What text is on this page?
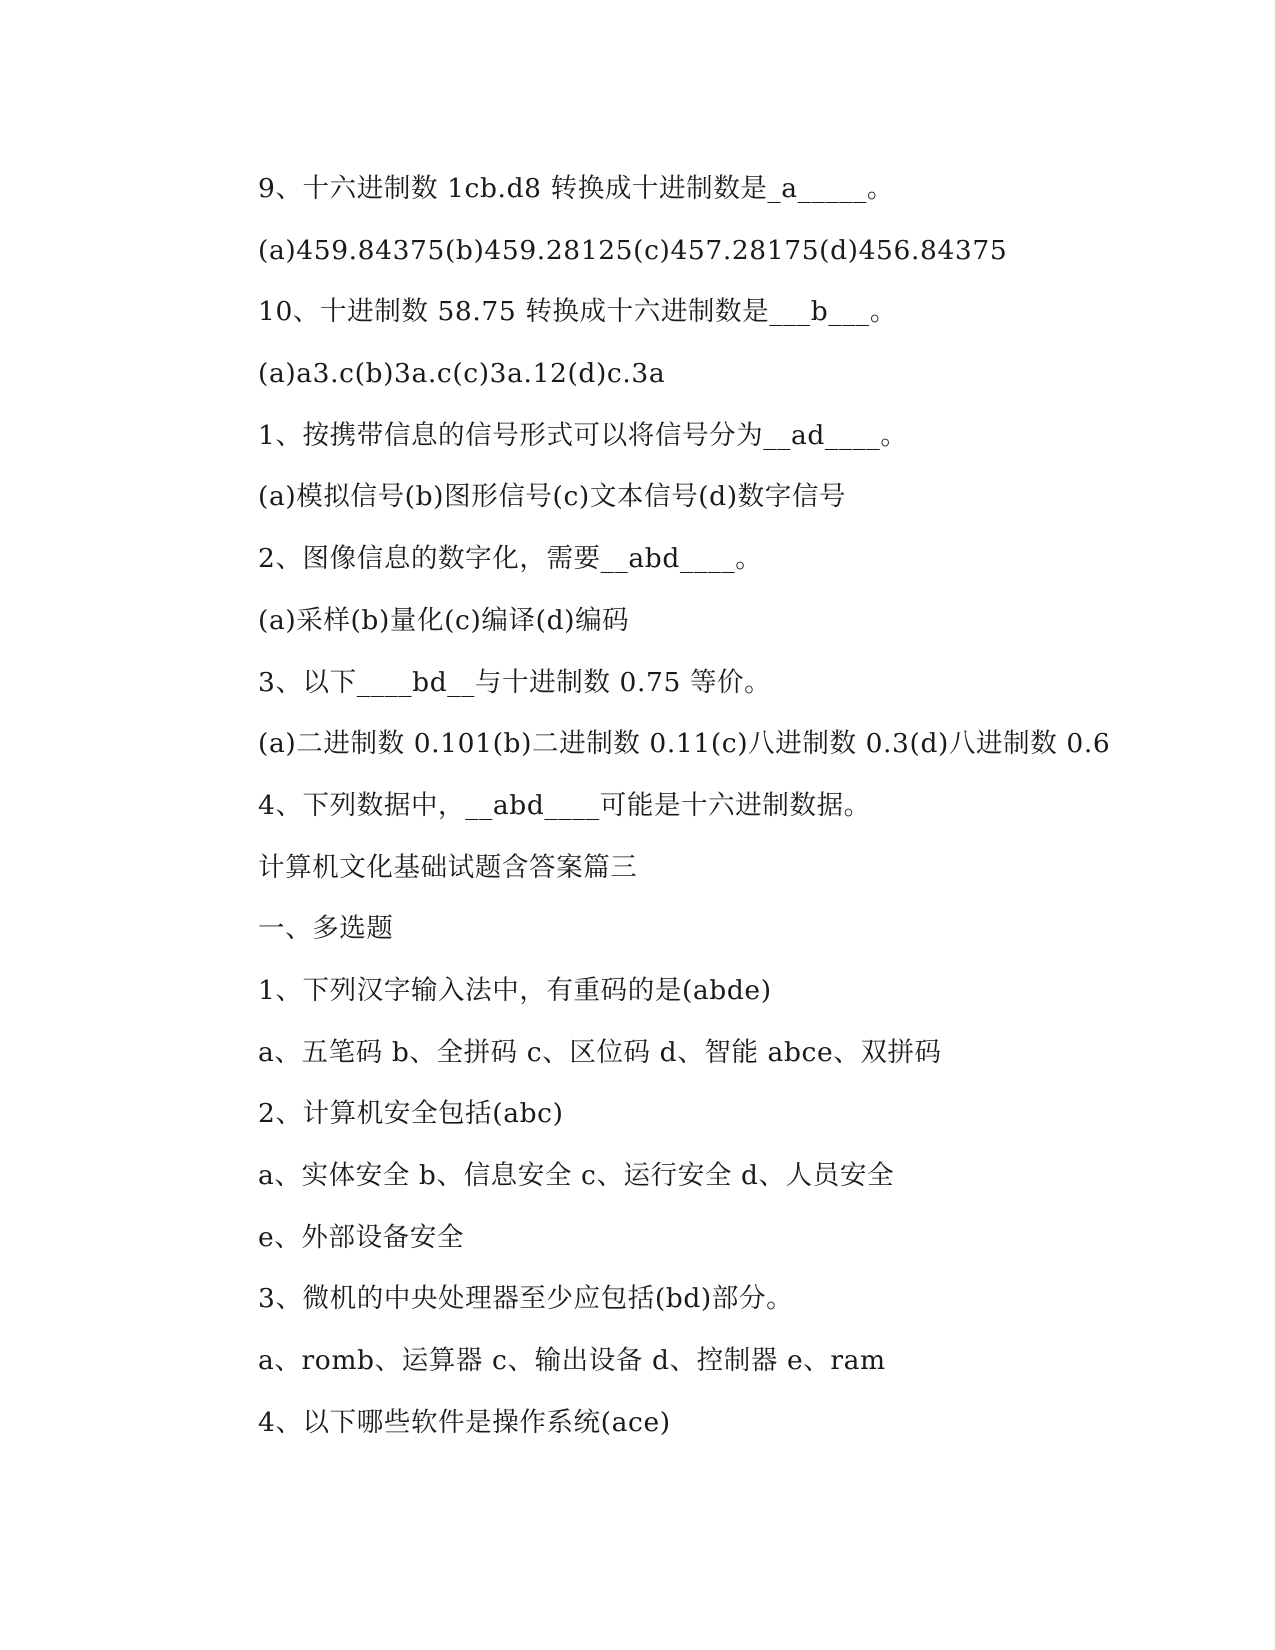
9、十六进制数 1cb.d8 转换成十进制数是_a_____。
(a)459.84375(b)459.28125(c)457.28175(d)456.84375
10、十进制数 58.75 转换成十六进制数是___b___。
(a)a3.c(b)3a.c(c)3a.12(d)c.3a
1、按携带信息的信号形式可以将信号分为__ad____。
(a)模拟信号(b)图形信号(c)文本信号(d)数字信号
2、图像信息的数字化，需要__abd____。
(a)采样(b)量化(c)编译(d)编码
3、以下____bd__与十进制数 0.75 等价。
(a)二进制数 0.101(b)二进制数 0.11(c)八进制数 0.3(d)八进制数 0.6
4、下列数据中，__abd____可能是十六进制数据。
计算机文化基础试题含答案篇三
一、多选题
1、下列汉字输入法中，有重码的是(abde)
a、五笔码 b、全拼码 c、区位码 d、智能 abce、双拼码
2、计算机安全包括(abc)
a、实体安全 b、信息安全 c、运行安全 d、人员安全
e、外部设备安全
3、微机的中央处理器至少应包括(bd)部分。
a、romb、运算器 c、输出设备 d、控制器 e、ram
4、以下哪些软件是操作系统(ace)
